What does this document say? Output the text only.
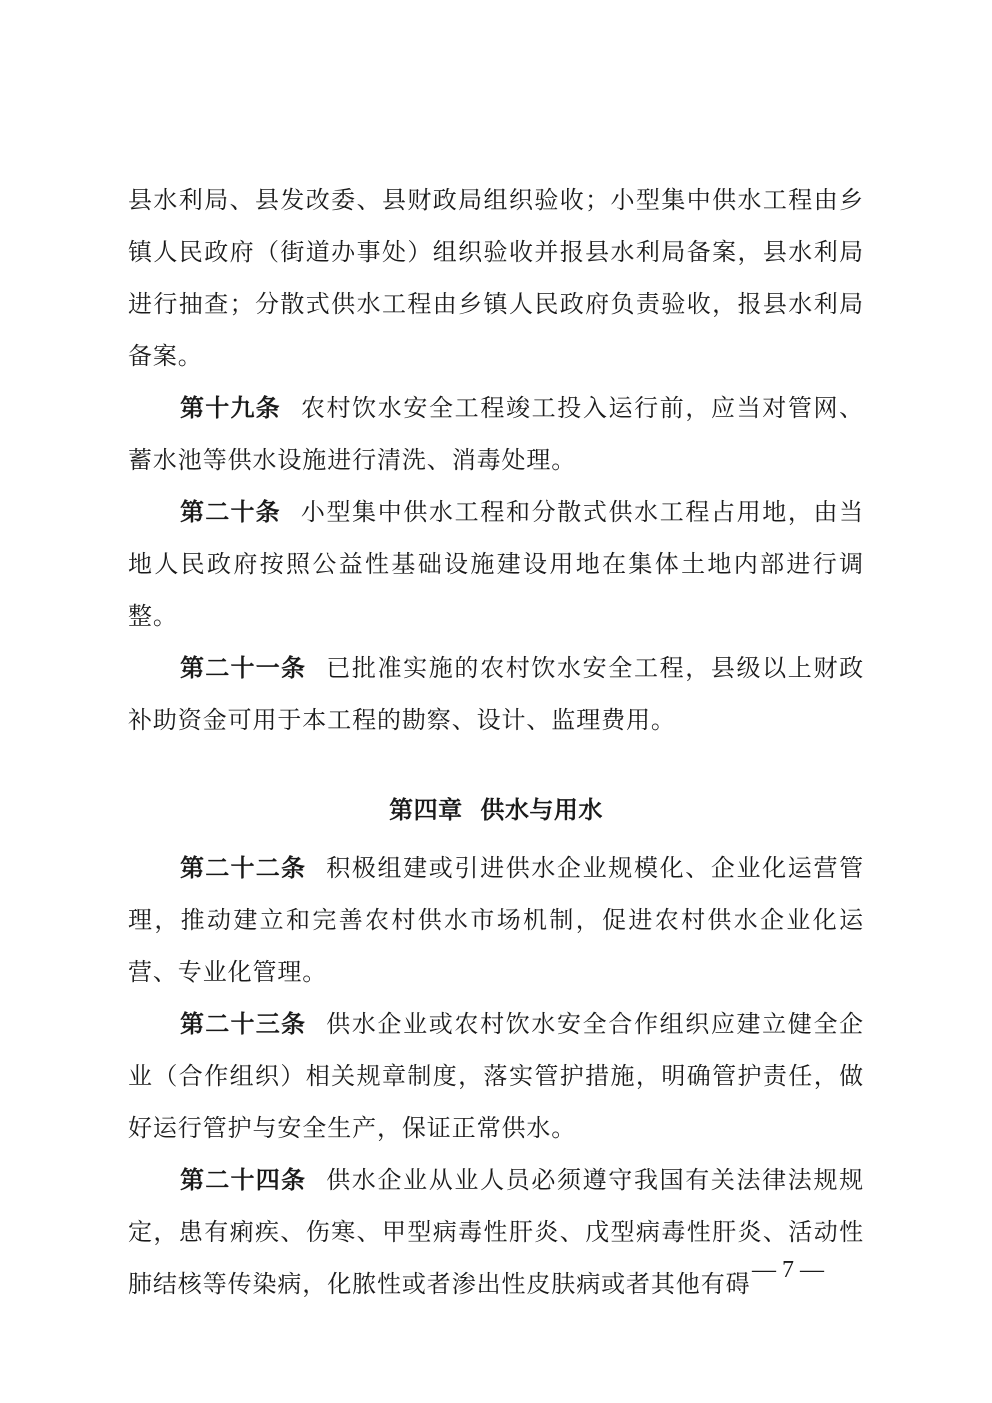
县水利局、县发改委、县财政局组织验收；小型集中供水工程由乡镇人民政府（街道办事处）组织验收并报县水利局备案，县水利局进行抽查；分散式供水工程由乡镇人民政府负责验收，报县水利局备案。

第十九条 农村饮水安全工程竣工投入运行前，应当对管网、蓄水池等供水设施进行清洗、消毒处理。

第二十条 小型集中供水工程和分散式供水工程占用地，由当地人民政府按照公益性基础设施建设用地在集体土地内部进行调整。

第二十一条 已批准实施的农村饮水安全工程，县级以上财政补助资金可用于本工程的勘察、设计、监理费用。

第四章  供水与用水

第二十二条 积极组建或引进供水企业规模化、企业化运营管理，推动建立和完善农村供水市场机制，促进农村供水企业化运营、专业化管理。

第二十三条 供水企业或农村饮水安全合作组织应建立健全企业（合作组织）相关规章制度，落实管护措施，明确管护责任，做好运行管护与安全生产，保证正常供水。

第二十四条 供水企业从业人员必须遵守我国有关法律法规规定，患有痢疾、伤寒、甲型病毒性肝炎、戊型病毒性肝炎、活动性肺结核等传染病，化脓性或者渗出性皮肤病或者其他有碍 — 7 —
